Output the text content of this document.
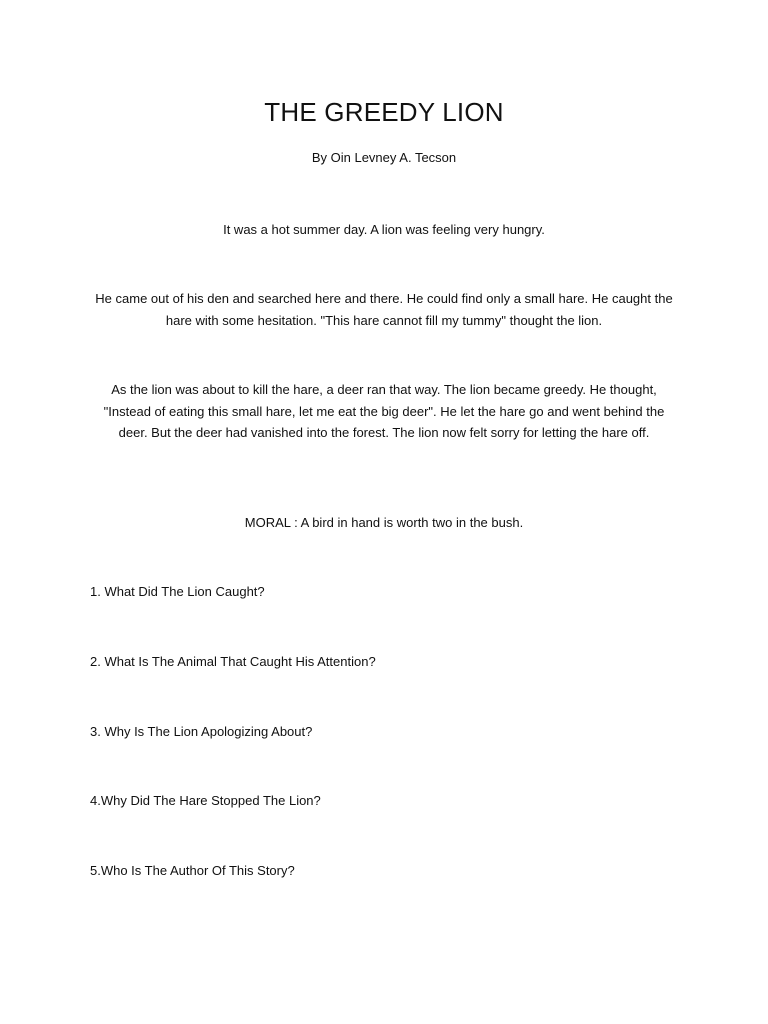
THE GREEDY LION
By Oin Levney A. Tecson

It was a hot summer day. A lion was feeling very hungry.

He came out of his den and searched here and there. He could find only a small hare. He caught the hare with some hesitation. "This hare cannot fill my tummy" thought the lion.

As the lion was about to kill the hare, a deer ran that way. The lion became greedy. He thought, "Instead of eating this small hare, let me eat the big deer". He let the hare go and went behind the deer. But the deer had vanished into the forest. The lion now felt sorry for letting the hare off.

MORAL : A bird in hand is worth two in the bush.
1. What Did The Lion Caught?
2. What Is The Animal That Caught His Attention?
3. Why Is The Lion Apologizing About?
4.Why Did The Hare Stopped The Lion?
5.Who Is The Author Of This Story?
